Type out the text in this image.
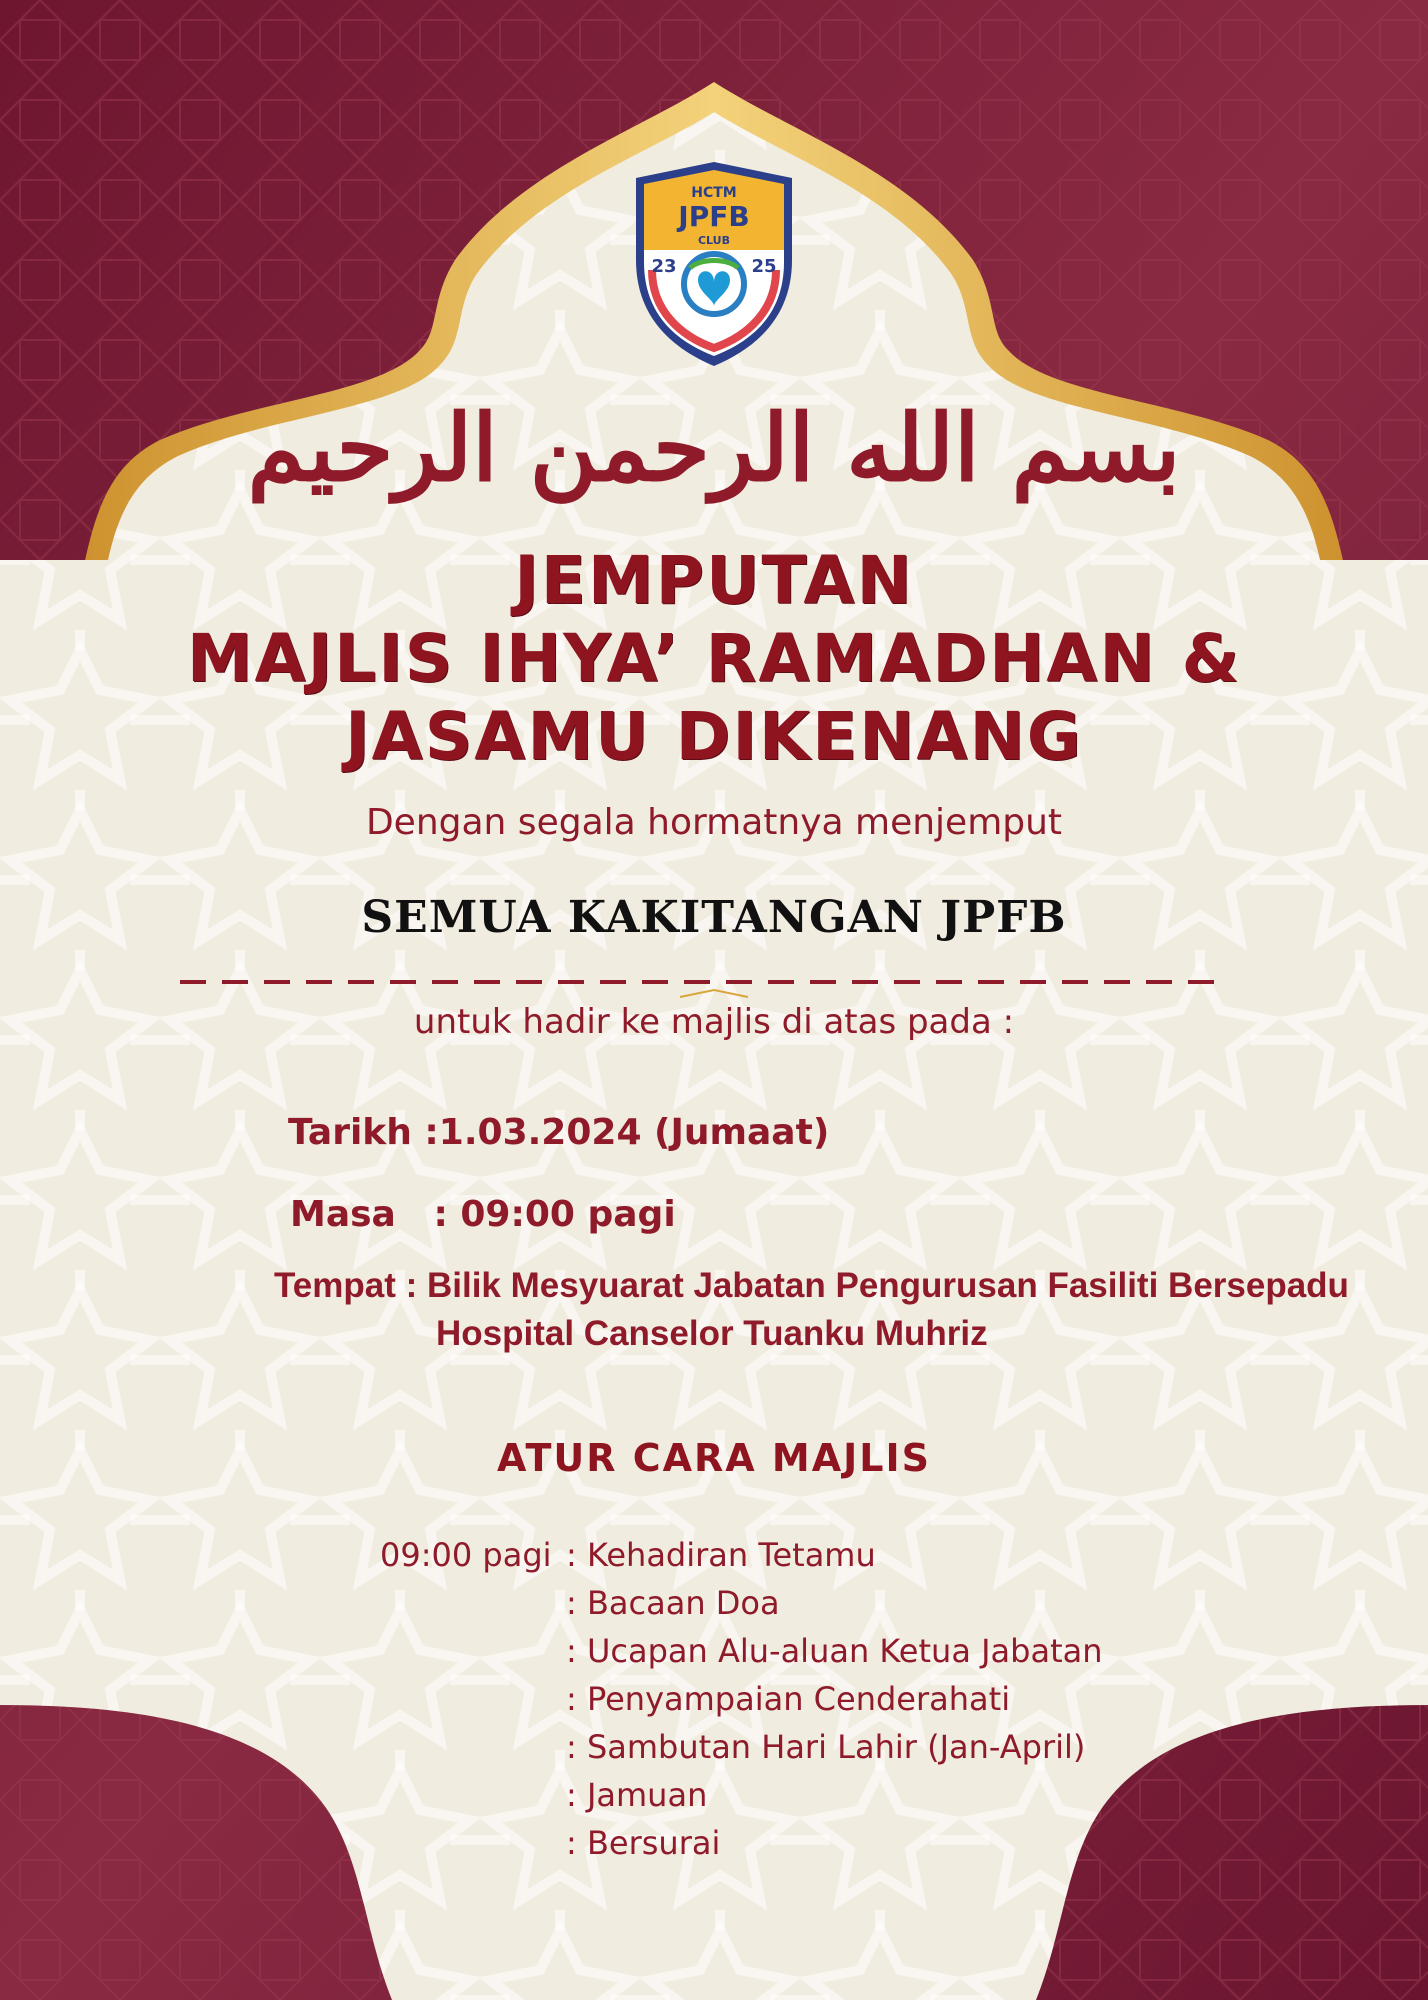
HCTM
JPFB
CLUB
23	25
بسم الله الرحمن الرحيم
JEMPUTAN
MAJLIS IHYA’ RAMADHAN &
JASAMU DIKENANG
Dengan segala hormatnya menjemput
SEMUA KAKITANGAN JPFB
untuk hadir ke majlis di atas pada :
Tarikh :1.03.2024 (Jumaat)
Masa   : 09:00 pagi
Tempat : Bilik Mesyuarat Jabatan Pengurusan Fasiliti Bersepadu
Hospital Canselor Tuanku Muhriz
ATUR CARA MAJLIS
09:00 pagi : Kehadiran Tetamu
: Bacaan Doa
: Ucapan Alu-aluan Ketua Jabatan
: Penyampaian Cenderahati
: Sambutan Hari Lahir (Jan-April)
: Jamuan
: Bersurai
